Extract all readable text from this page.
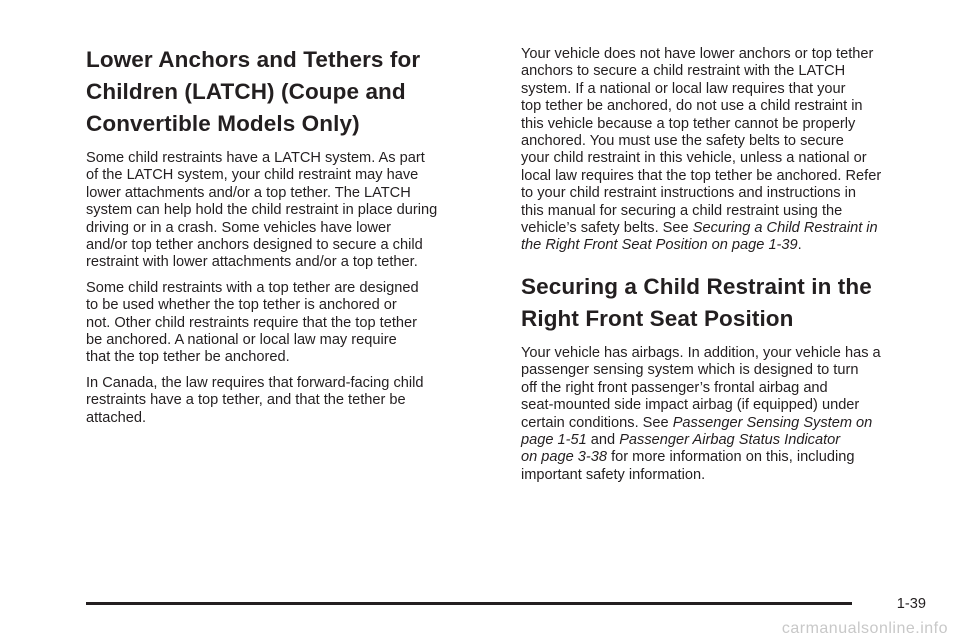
Lower Anchors and Tethers for
Children (LATCH) (Coupe and
Convertible Models Only)

Some child restraints have a LATCH system. As part
of the LATCH system, your child restraint may have
lower attachments and/or a top tether. The LATCH
system can help hold the child restraint in place during
driving or in a crash. Some vehicles have lower
and/or top tether anchors designed to secure a child
restraint with lower attachments and/or a top tether.

Some child restraints with a top tether are designed
to be used whether the top tether is anchored or
not. Other child restraints require that the top tether
be anchored. A national or local law may require
that the top tether be anchored.

In Canada, the law requires that forward-facing child
restraints have a top tether, and that the tether be
attached.

Your vehicle does not have lower anchors or top tether
anchors to secure a child restraint with the LATCH
system. If a national or local law requires that your
top tether be anchored, do not use a child restraint in
this vehicle because a top tether cannot be properly
anchored. You must use the safety belts to secure
your child restraint in this vehicle, unless a national or
local law requires that the top tether be anchored. Refer
to your child restraint instructions and instructions in
this manual for securing a child restraint using the
vehicle’s safety belts. See Securing a Child Restraint in
the Right Front Seat Position on page 1-39.

Securing a Child Restraint in the
Right Front Seat Position

Your vehicle has airbags. In addition, your vehicle has a
passenger sensing system which is designed to turn
off the right front passenger’s frontal airbag and
seat-mounted side impact airbag (if equipped) under
certain conditions. See Passenger Sensing System on
page 1-51 and Passenger Airbag Status Indicator
on page 3-38 for more information on this, including
important safety information.

1-39
carmanualsonline.info
